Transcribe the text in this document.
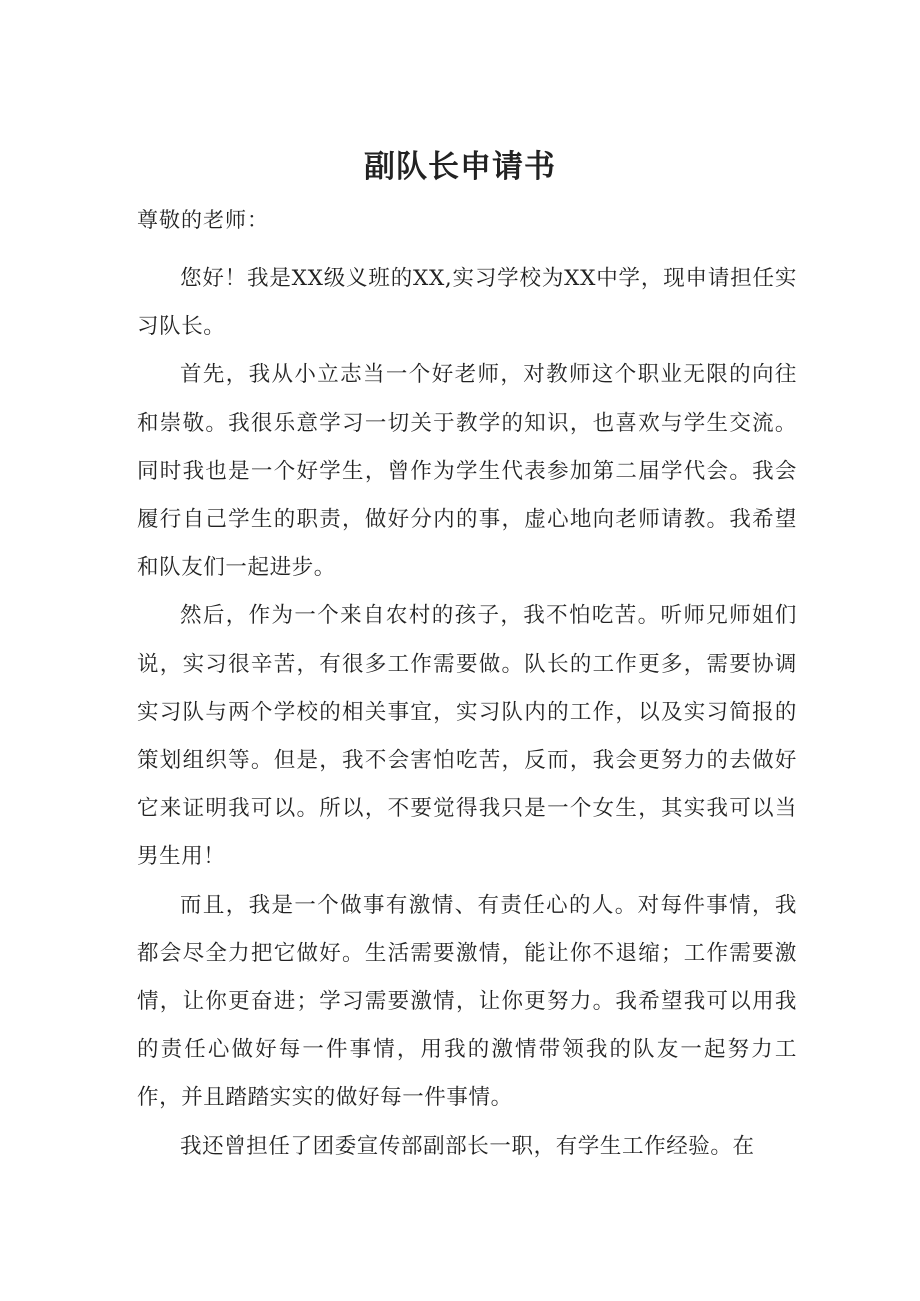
副队长申请书
尊敬的老师：

您好！我是XX级义班的XX,实习学校为XX中学，现申请担任实习队长。

首先，我从小立志当一个好老师，对教师这个职业无限的向往和崇敬。我很乐意学习一切关于教学的知识，也喜欢与学生交流。同时我也是一个好学生，曾作为学生代表参加第二届学代会。我会履行自己学生的职责，做好分内的事，虚心地向老师请教。我希望和队友们一起进步。

然后，作为一个来自农村的孩子，我不怕吃苦。听师兄师姐们说，实习很辛苦，有很多工作需要做。队长的工作更多，需要协调实习队与两个学校的相关事宜，实习队内的工作，以及实习简报的策划组织等。但是，我不会害怕吃苦，反而，我会更努力的去做好它来证明我可以。所以，不要觉得我只是一个女生，其实我可以当男生用！

而且，我是一个做事有激情、有责任心的人。对每件事情，我都会尽全力把它做好。生活需要激情，能让你不退缩；工作需要激情，让你更奋进；学习需要激情，让你更努力。我希望我可以用我的责任心做好每一件事情，用我的激情带领我的队友一起努力工作，并且踏踏实实的做好每一件事情。

我还曾担任了团委宣传部副部长一职，有学生工作经验。在
